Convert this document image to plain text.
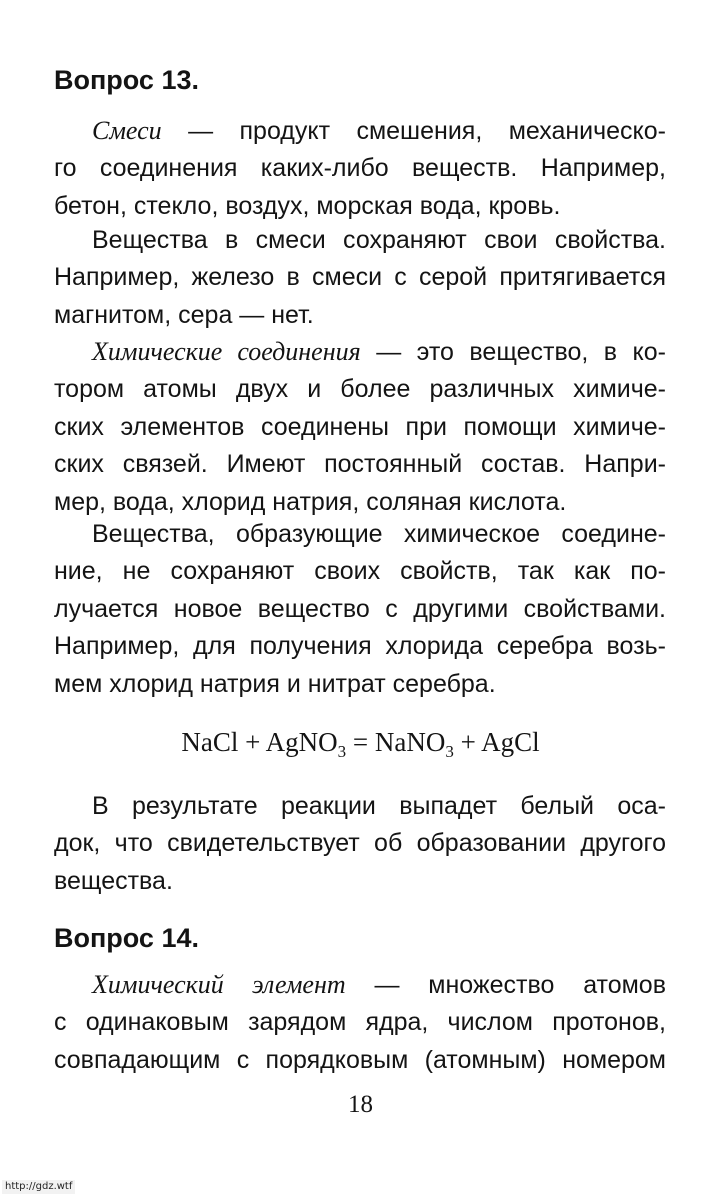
Вопрос 13.

Смеси — продукт смешения, механическо-
го соединения каких-либо веществ. Например,
бетон, стекло, воздух, морская вода, кровь.

Вещества в смеси сохраняют свои свойства.
Например, железо в смеси с серой притягивается
магнитом, сера — нет.

Химические соединения — это вещество, в ко-
тором атомы двух и более различных химиче-
ских элементов соединены при помощи химиче-
ских связей. Имеют постоянный состав. Напри-
мер, вода, хлорид натрия, соляная кислота.

Вещества, образующие химическое соедине-
ние, не сохраняют своих свойств, так как по-
лучается новое вещество с другими свойствами.
Например, для получения хлорида серебра возь-
мем хлорид натрия и нитрат серебра.

NaCl + AgNO$_3$ = NaNO$_3$ + AgCl

В результате реакции выпадет белый оса-
док, что свидетельствует об образовании другого
вещества.

Вопрос 14.

Химический элемент — множество атомов
с одинаковым зарядом ядра, числом протонов,
совпадающим с порядковым (атомным) номером

18
http://gdz.wtf
